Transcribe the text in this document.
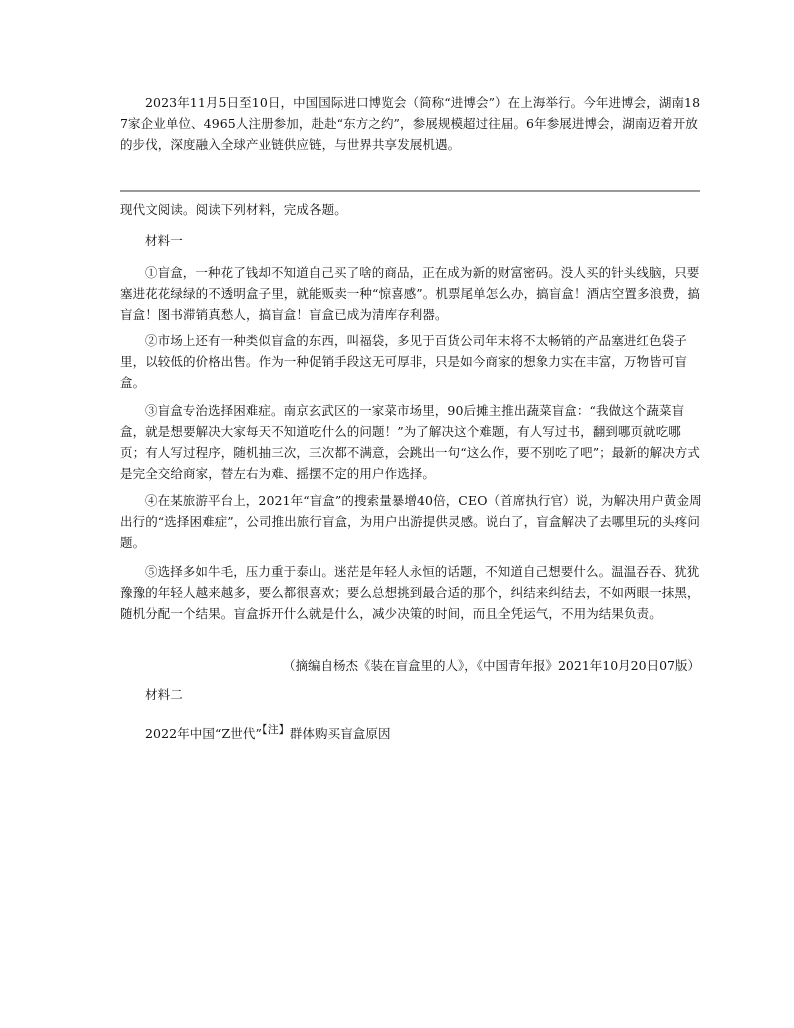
2023年11月5日至10日，中国国际进口博览会（简称“进博会”）在上海举行。今年进博会，湖南187家企业单位、4965人注册参加，赴赴“东方之约”，参展规模超过往届。6年参展进博会，湖南迈着开放的步伐，深度融入全球产业链供应链，与世界共享发展机遇。

现代文阅读。阅读下列材料，完成各题。

材料一

①盲盒，一种花了钱却不知道自己买了啥的商品，正在成为新的财富密码。没人买的针头线脑，只要塞进花花绿绿的不透明盒子里，就能贩卖一种“惊喜感”。机票尾单怎么办，搞盲盒！酒店空置多浪费，搞盲盒！图书滞销真愁人，搞盲盒！盲盒已成为清库存利器。

②市场上还有一种类似盲盒的东西，叫福袋，多见于百货公司年末将不太畅销的产品塞进红色袋子里，以较低的价格出售。作为一种促销手段这无可厚非，只是如今商家的想象力实在丰富，万物皆可盲盒。

③盲盒专治选择困难症。南京玄武区的一家菜市场里，90后摊主推出蔬菜盲盒：“我做这个蔬菜盲盒，就是想要解决大家每天不知道吃什么的问题！”为了解决这个难题，有人写过书，翻到哪页就吃哪页；有人写过程序，随机抽三次，三次都不满意，会跳出一句“这么作，要不别吃了吧”；最新的解决方式是完全交给商家，替左右为难、摇摆不定的用户作选择。

④在某旅游平台上，2021年“盲盒”的搜索量暴增40倍，CEO（首席执行官）说，为解决用户黄金周出行的“选择困难症”，公司推出旅行盲盒，为用户出游提供灵感。说白了，盲盒解决了去哪里玩的头疼问题。

⑤选择多如牛毛，压力重于泰山。迷茫是年轻人永恒的话题，不知道自己想要什么。温温吞吞、犹犹豫豫的年轻人越来越多，要么都很喜欢；要么总想挑到最合适的那个，纠结来纠结去，不如两眼一抹黑，随机分配一个结果。盲盒拆开什么就是什么，减少决策的时间，而且全凭运气，不用为结果负责。

（摘编自杨杰《装在盲盒里的人》，《中国青年报》2021年10月20日07版）

材料二

2022年中国“Z世代”【注】群体购买盲盒原因
